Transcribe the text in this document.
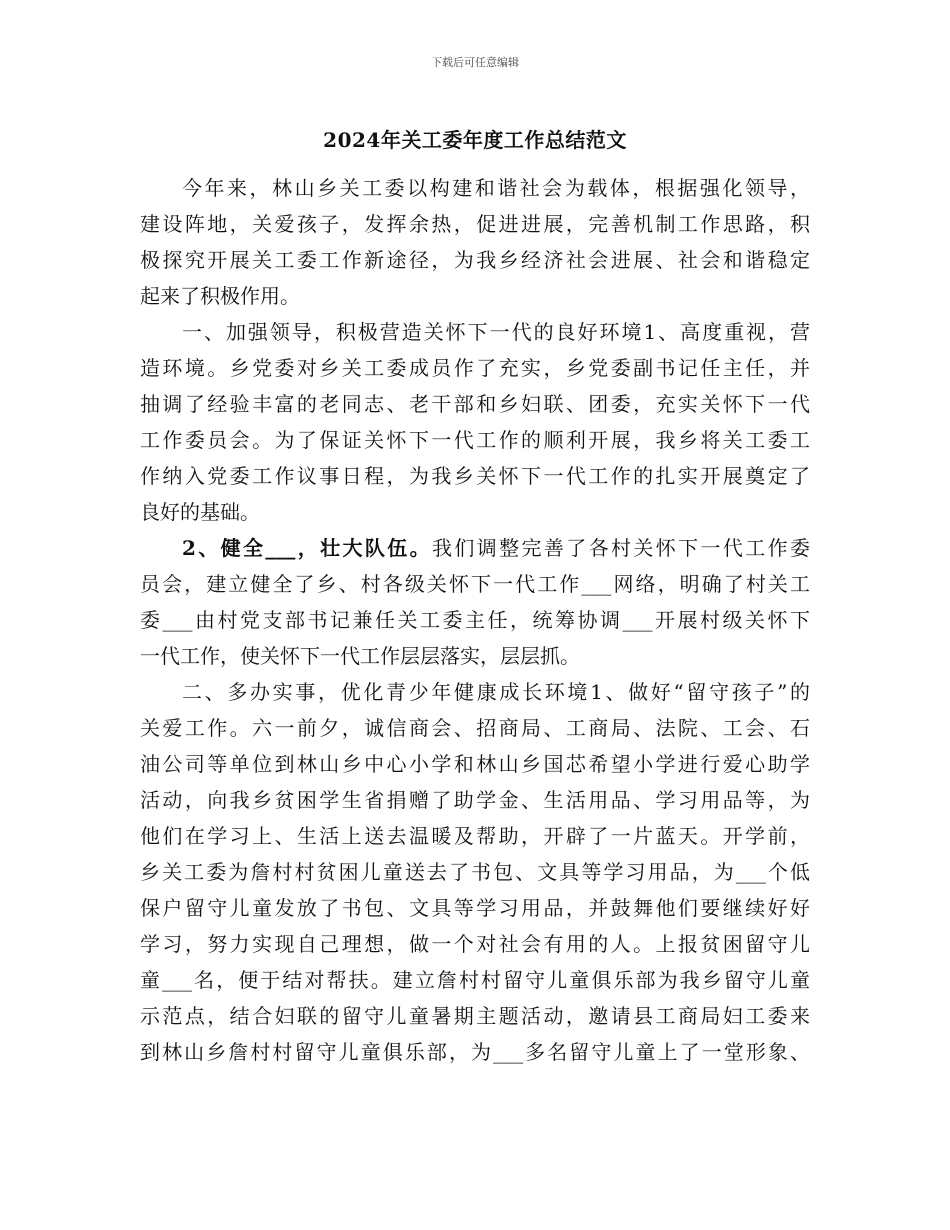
下载后可任意编辑
2024年关工委年度工作总结范文
今年来，林山乡关工委以构建和谐社会为载体，根据强化领导，
建设阵地，关爱孩子，发挥余热，促进进展，完善机制工作思路，积
极探究开展关工委工作新途径，为我乡经济社会进展、社会和谐稳定
起来了积极作用。
一、加强领导，积极营造关怀下一代的良好环境1、高度重视，营
造环境。乡党委对乡关工委成员作了充实，乡党委副书记任主任，并
抽调了经验丰富的老同志、老干部和乡妇联、团委，充实关怀下一代
工作委员会。为了保证关怀下一代工作的顺利开展，我乡将关工委工
作纳入党委工作议事日程，为我乡关怀下一代工作的扎实开展奠定了
良好的基础。
2、健全___，壮大队伍。我们调整完善了各村关怀下一代工作委
员会，建立健全了乡、村各级关怀下一代工作___网络，明确了村关工
委___由村党支部书记兼任关工委主任，统筹协调___开展村级关怀下
一代工作，使关怀下一代工作层层落实，层层抓。
二、多办实事，优化青少年健康成长环境1、做好“留守孩子”的
关爱工作。六一前夕，诚信商会、招商局、工商局、法院、工会、石
油公司等单位到林山乡中心小学和林山乡国芯希望小学进行爱心助学
活动，向我乡贫困学生省捐赠了助学金、生活用品、学习用品等，为
他们在学习上、生活上送去温暖及帮助，开辟了一片蓝天。开学前，
乡关工委为詹村村贫困儿童送去了书包、文具等学习用品，为___个低
保户留守儿童发放了书包、文具等学习用品，并鼓舞他们要继续好好
学习，努力实现自己理想，做一个对社会有用的人。上报贫困留守儿
童___名，便于结对帮扶。建立詹村村留守儿童俱乐部为我乡留守儿童
示范点，结合妇联的留守儿童暑期主题活动，邀请县工商局妇工委来
到林山乡詹村村留守儿童俱乐部，为___多名留守儿童上了一堂形象、
